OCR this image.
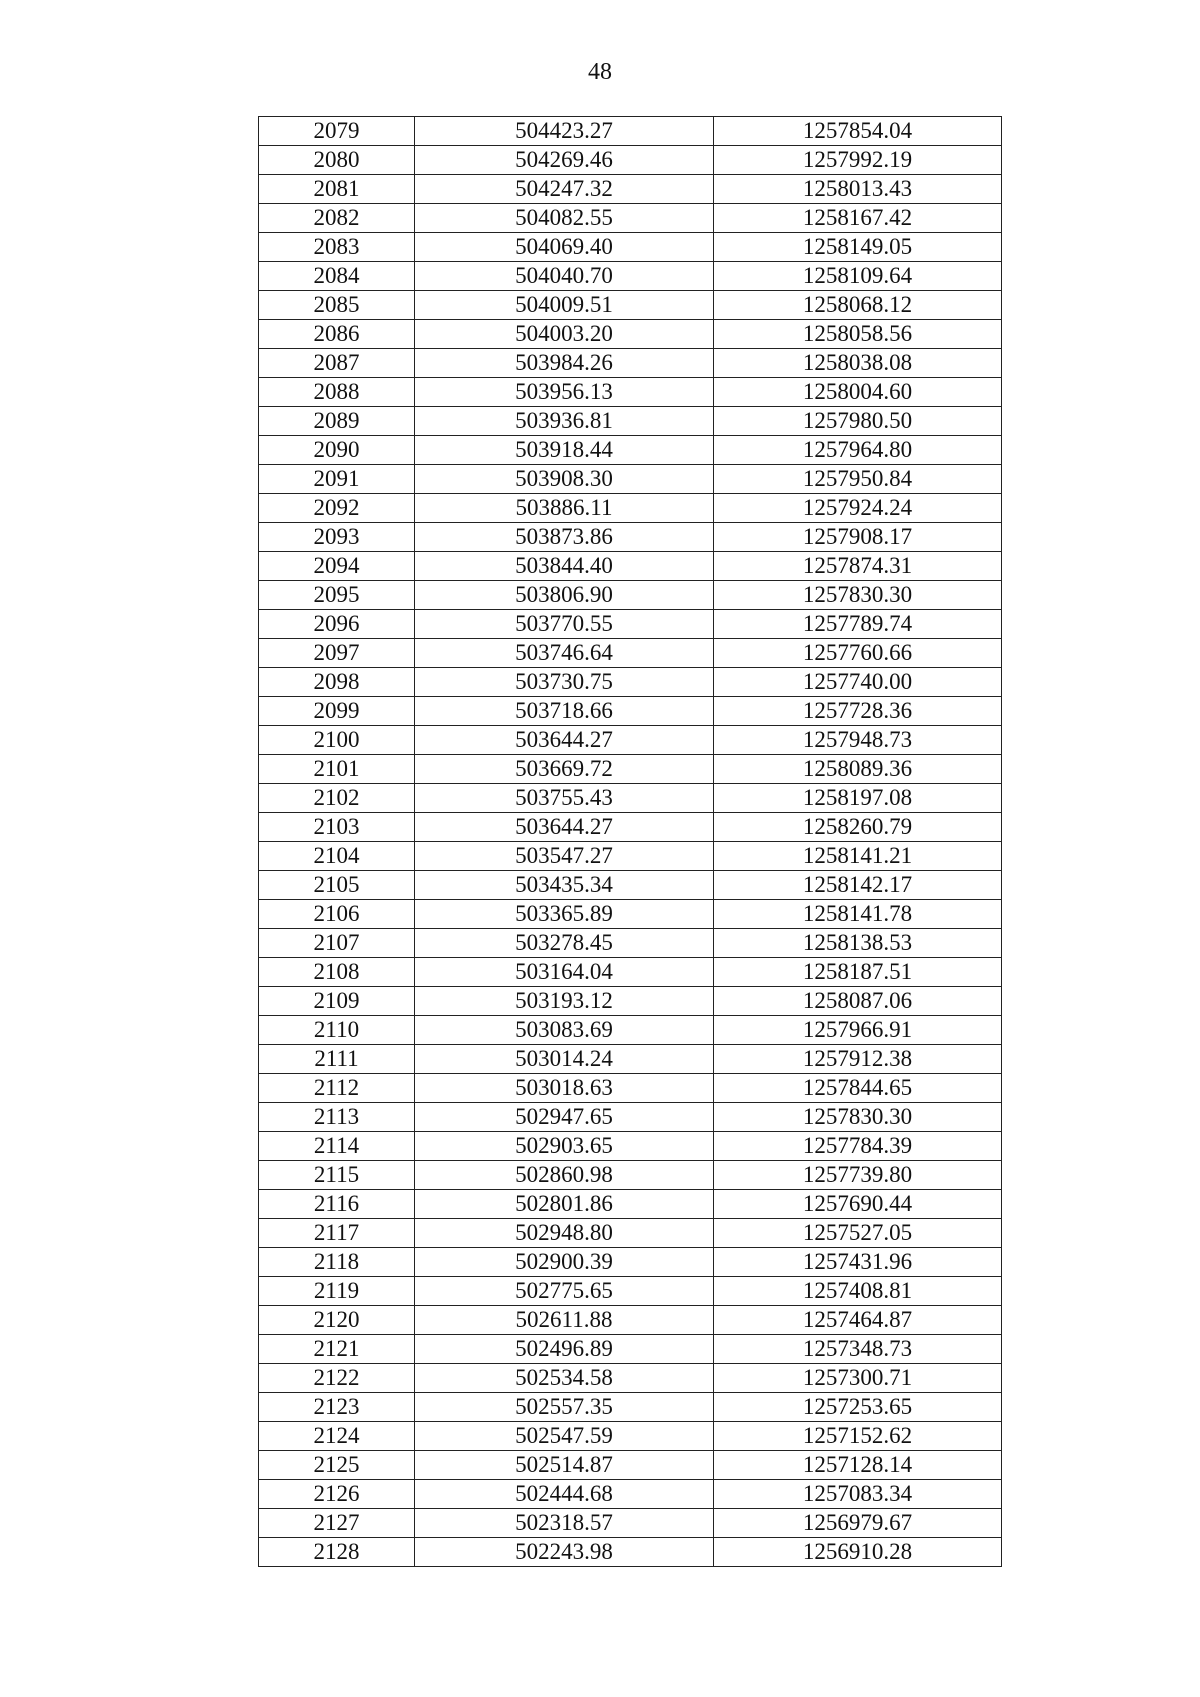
48
2079	504423.27	1257854.04
2080	504269.46	1257992.19
2081	504247.32	1258013.43
2082	504082.55	1258167.42
2083	504069.40	1258149.05
2084	504040.70	1258109.64
2085	504009.51	1258068.12
2086	504003.20	1258058.56
2087	503984.26	1258038.08
2088	503956.13	1258004.60
2089	503936.81	1257980.50
2090	503918.44	1257964.80
2091	503908.30	1257950.84
2092	503886.11	1257924.24
2093	503873.86	1257908.17
2094	503844.40	1257874.31
2095	503806.90	1257830.30
2096	503770.55	1257789.74
2097	503746.64	1257760.66
2098	503730.75	1257740.00
2099	503718.66	1257728.36
2100	503644.27	1257948.73
2101	503669.72	1258089.36
2102	503755.43	1258197.08
2103	503644.27	1258260.79
2104	503547.27	1258141.21
2105	503435.34	1258142.17
2106	503365.89	1258141.78
2107	503278.45	1258138.53
2108	503164.04	1258187.51
2109	503193.12	1258087.06
2110	503083.69	1257966.91
2111	503014.24	1257912.38
2112	503018.63	1257844.65
2113	502947.65	1257830.30
2114	502903.65	1257784.39
2115	502860.98	1257739.80
2116	502801.86	1257690.44
2117	502948.80	1257527.05
2118	502900.39	1257431.96
2119	502775.65	1257408.81
2120	502611.88	1257464.87
2121	502496.89	1257348.73
2122	502534.58	1257300.71
2123	502557.35	1257253.65
2124	502547.59	1257152.62
2125	502514.87	1257128.14
2126	502444.68	1257083.34
2127	502318.57	1256979.67
2128	502243.98	1256910.28
